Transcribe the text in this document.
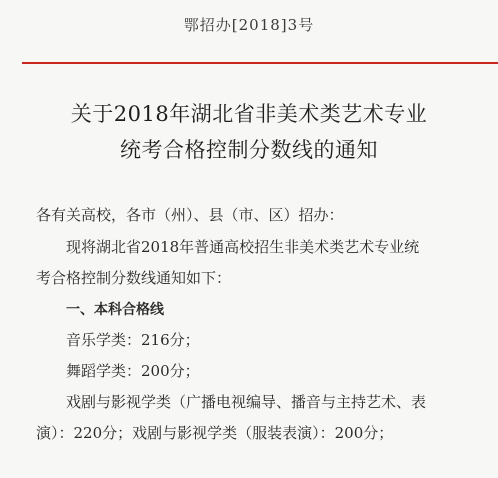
鄂招办[2018]3号
关于2018年湖北省非美术类艺术专业
统考合格控制分数线的通知
各有关高校，各市（州）、县（市、区）招办：
现将湖北省2018年普通高校招生非美术类艺术专业统
考合格控制分数线通知如下：
一、本科合格线
音乐学类：216分；
舞蹈学类：200分；
戏剧与影视学类（广播电视编导、播音与主持艺术、表
演）：220分；戏剧与影视学类（服装表演）：200分；
